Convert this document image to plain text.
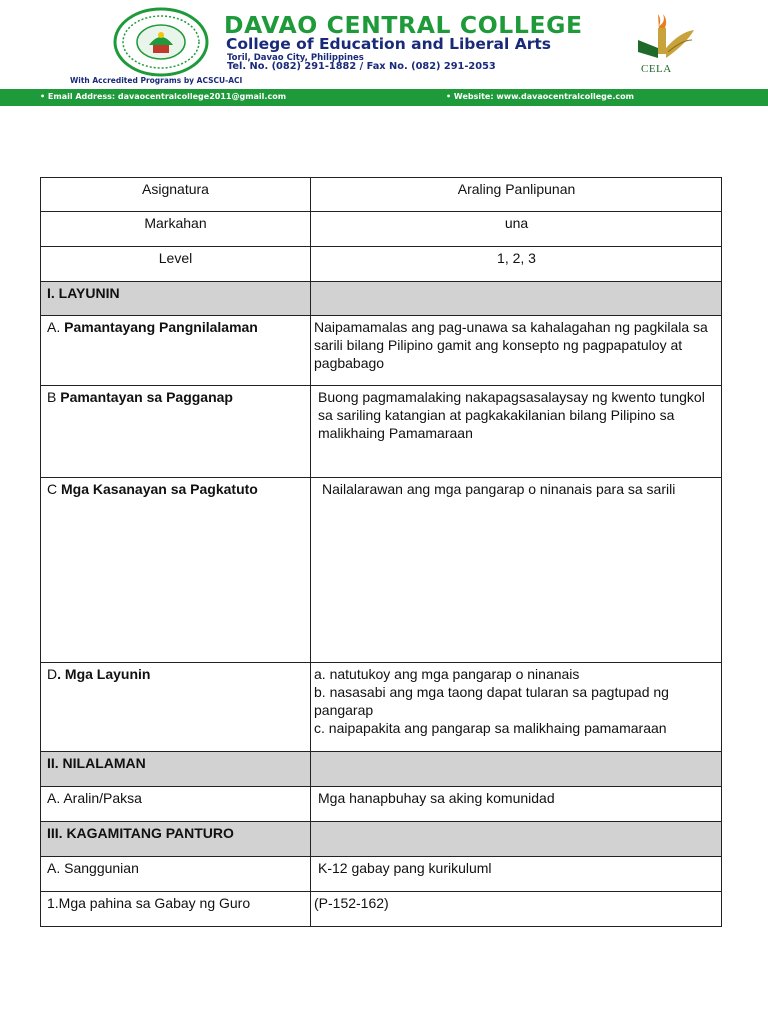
DAVAO CENTRAL COLLEGE
College of Education and Liberal Arts
Toril, Davao City, Philippines
Tel. No. (082) 291-1882 / Fax No. (082) 291-2053
With Accredited Programs by ACSCU-ACI
CELA
• Email Address: davaocentralcollege2011@gmail.com	• Website: www.davaocentralcollege.com
Asignatura	Araling Panlipunan
Markahan	una
Level	1, 2, 3
I. LAYUNIN	
A. Pamantayang Pangnilalaman	Naipamamalas ang pag-unawa sa kahalagahan ng pagkilala sa sarili bilang Pilipino gamit ang konsepto ng pagpapatuloy at pagbabago
B Pamantayan sa Pagganap	Buong pagmamalaking nakapagsasalaysay ng kwento tungkol sa sariling katangian at pagkakakilanian bilang Pilipino sa malikhaing Pamamaraan
C Mga Kasanayan sa Pagkatuto	Nailalarawan ang mga pangarap o ninanais para sa sarili
D. Mga Layunin	a. natutukoy ang mga pangarap o ninanais
b. nasasabi ang mga taong dapat tularan sa pagtupad ng pangarap
c. naipapakita ang pangarap sa malikhaing pamamaraan

II. NILALAMAN	
A. Aralin/Paksa	Mga hanapbuhay sa aking komunidad
III. KAGAMITANG PANTURO	
A. Sanggunian	K-12 gabay pang kurikuluml
1.Mga pahina sa Gabay ng Guro	(P-152-162)
